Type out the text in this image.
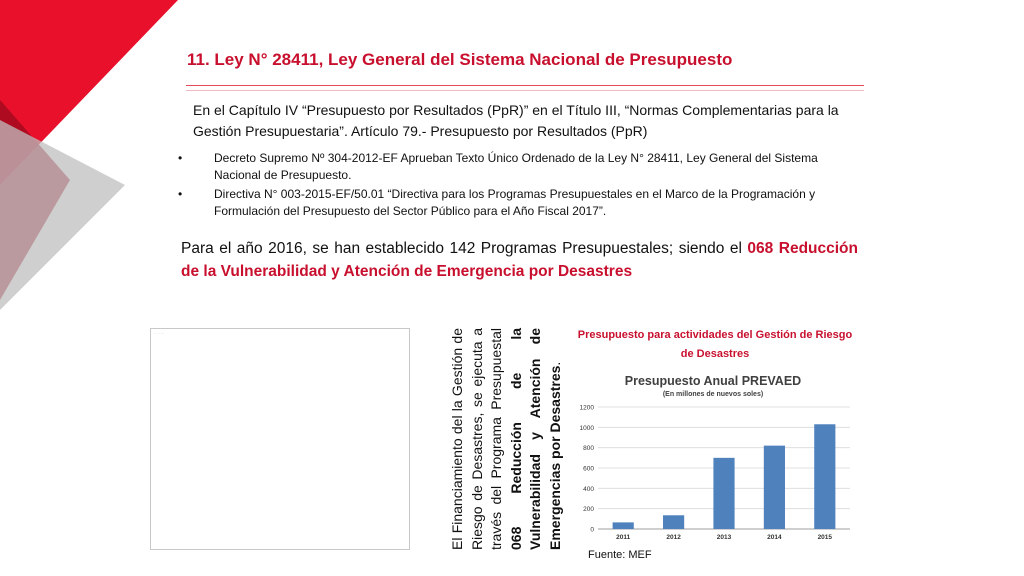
11. Ley N° 28411, Ley General del Sistema Nacional de Presupuesto
En el Capítulo IV “Presupuesto por Resultados (PpR)” en el Título III, “Normas Complementarias para la Gestión Presupuestaria”. Artículo 79.- Presupuesto por Resultados (PpR)
•	Decreto Supremo Nº 304-2012-EF Aprueban Texto Único Ordenado de la Ley N° 28411, Ley General del Sistema Nacional de Presupuesto.
•	Directiva N° 003-2015-EF/50.01 “Directiva para los Programas Presupuestales en el Marco de la Programación y Formulación del Presupuesto del Sector Público para el Año Fiscal 2017”.
Para el año 2016, se han establecido 142 Programas Presupuestales; siendo el 068 Reducción de la Vulnerabilidad y Atención de Emergencia por Desastres
··· ·· ···	El Financiamiento del la Gestión de Riesgo de Desastres, se ejecuta a través del Programa Presupuestal 068 Reducción de la Vulnerabilidad y Atención de Emergencias por Desastres.
Presupuesto para actividades del Gestión de Riesgo de Desastres
Presupuesto Anual PREVAED
(En millones de nuevos soles)
0
200
400
600
800
1000
1200
2011	2012	2013	2014	2015
Fuente: MEF
